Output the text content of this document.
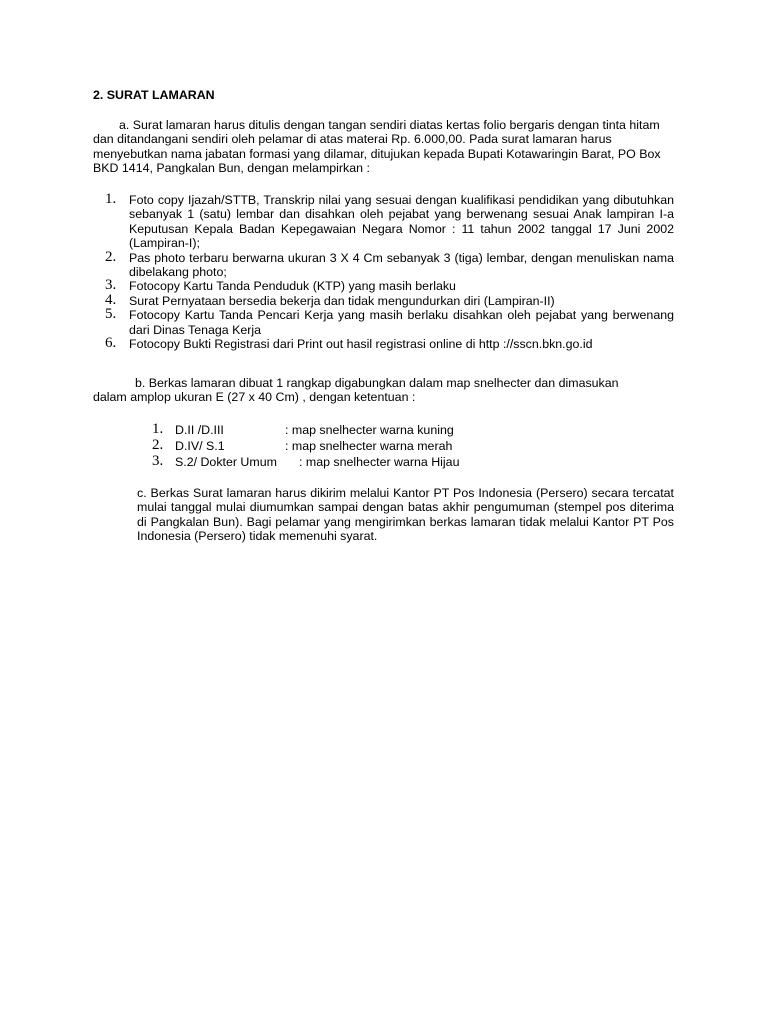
2. SURAT LAMARAN
a. Surat lamaran harus ditulis dengan tangan sendiri diatas kertas folio bergaris dengan tinta hitam
dan ditandangani sendiri oleh pelamar di atas materai Rp. 6.000,00. Pada surat lamaran harus menyebutkan nama jabatan formasi yang dilamar, ditujukan kepada Bupati Kotawaringin Barat, PO Box BKD 1414, Pangkalan Bun, dengan melampirkan :
1. Foto copy Ijazah/STTB, Transkrip nilai yang sesuai dengan kualifikasi pendidikan yang dibutuhkan sebanyak 1 (satu) lembar dan disahkan oleh pejabat yang berwenang sesuai Anak lampiran I-a Keputusan Kepala Badan Kepegawaian Negara Nomor : 11 tahun 2002 tanggal 17 Juni 2002 (Lampiran-I);
2. Pas photo terbaru berwarna ukuran 3 X 4 Cm sebanyak 3 (tiga) lembar, dengan menuliskan nama dibelakang photo;
3. Fotocopy Kartu Tanda Penduduk (KTP) yang masih berlaku
4. Surat Pernyataan bersedia bekerja dan tidak mengundurkan diri (Lampiran-II)
5. Fotocopy Kartu Tanda Pencari Kerja yang masih berlaku disahkan oleh pejabat yang berwenang dari Dinas Tenaga Kerja
6. Fotocopy Bukti Registrasi dari Print out hasil registrasi online di http ://sscn.bkn.go.id
b. Berkas lamaran dibuat 1 rangkap digabungkan dalam map snelhecter dan dimasukan
dalam amplop ukuran E (27 x 40 Cm) , dengan ketentuan :
1. D.II /D.III	: map snelhecter warna kuning
2. D.IV/ S.1	: map snelhecter warna merah
3. S.2/ Dokter Umum : map snelhecter warna Hijau
c. Berkas Surat lamaran harus dikirim melalui Kantor PT Pos Indonesia (Persero) secara tercatat mulai tanggal mulai diumumkan sampai dengan batas akhir pengumuman (stempel pos diterima di Pangkalan Bun). Bagi pelamar yang mengirimkan berkas lamaran tidak melalui Kantor PT Pos Indonesia (Persero) tidak memenuhi syarat.
